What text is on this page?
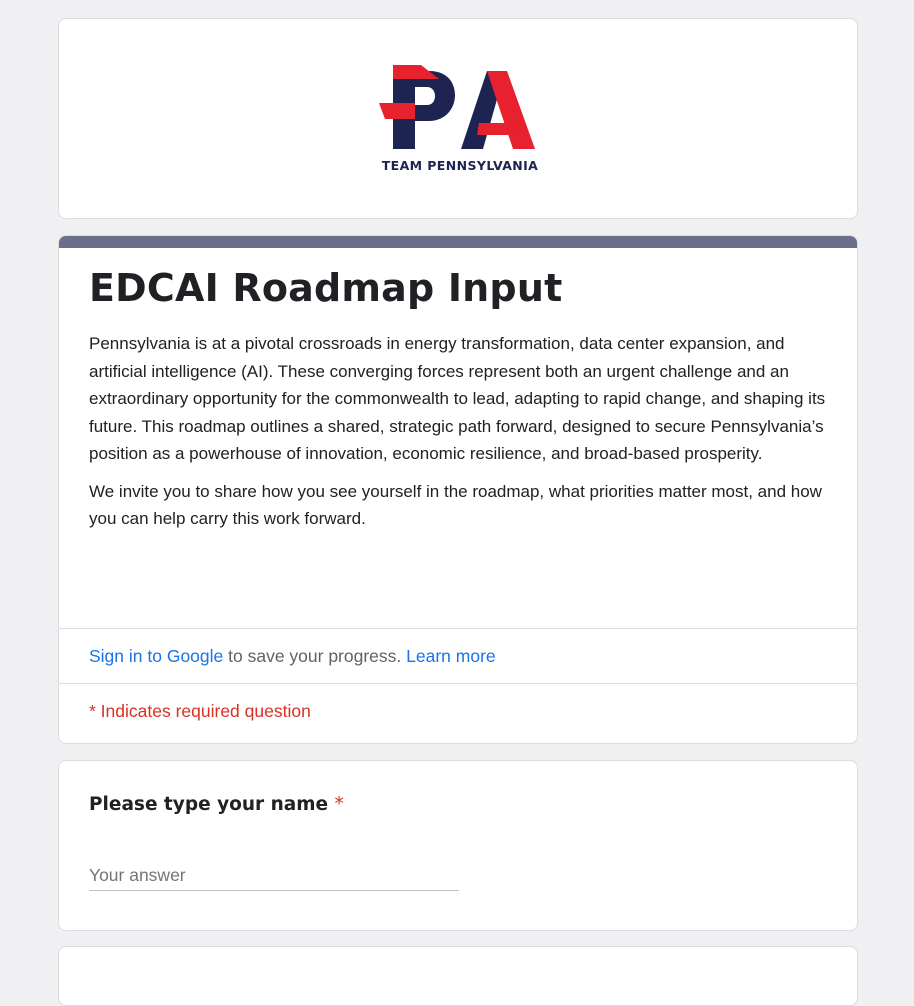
TEAM PENNSYLVANIA
EDCAI Roadmap Input

Pennsylvania is at a pivotal crossroads in energy transformation, data center expansion, and artificial intelligence (AI). These converging forces represent both an urgent challenge and an extraordinary opportunity for the commonwealth to lead, adapting to rapid change, and shaping its future. This roadmap outlines a shared, strategic path forward, designed to secure Pennsylvania’s position as a powerhouse of innovation, economic resilience, and broad-based prosperity.

We invite you to share how you see yourself in the roadmap, what priorities matter most, and how you can help carry this work forward.

Sign in to Google to save your progress. Learn more
* Indicates required question
Please type your name *
Your answer
